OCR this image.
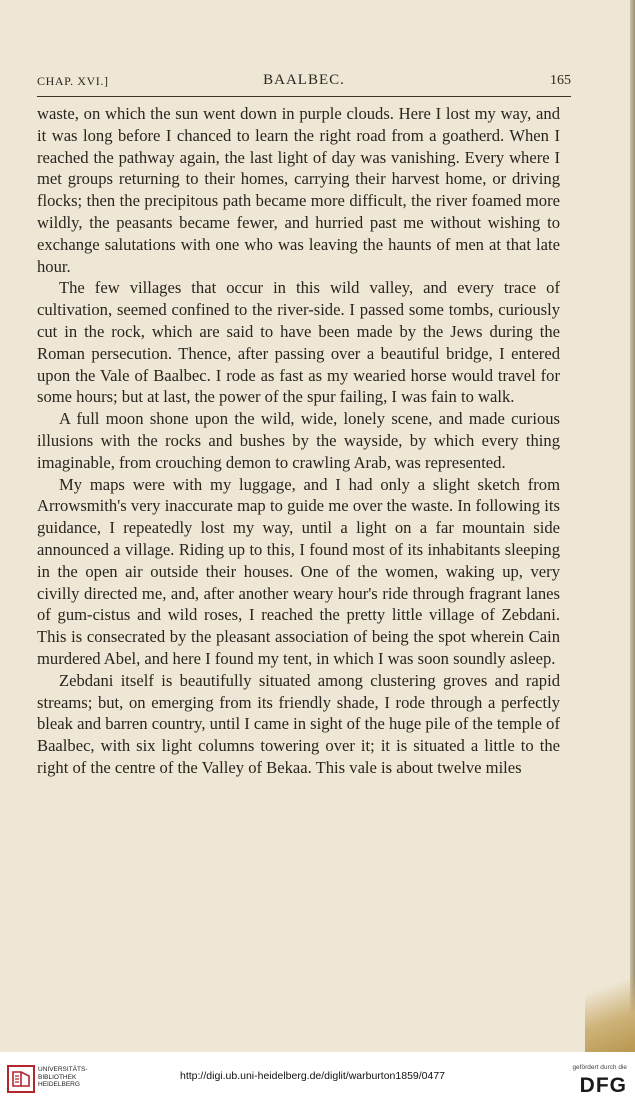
CHAP. XVI.]	BAALBEC.	165

waste, on which the sun went down in purple clouds. Here I lost my way, and it was long before I chanced to learn the right road from a goatherd. When I reached the pathway again, the last light of day was vanishing. Every where I met groups returning to their homes, carrying their harvest home, or driving flocks; then the precipitous path became more difficult, the river foamed more wildly, the peasants became fewer, and hurried past me without wishing to exchange salutations with one who was leaving the haunts of men at that late hour.

The few villages that occur in this wild valley, and every trace of cultivation, seemed confined to the river-side. I passed some tombs, curiously cut in the rock, which are said to have been made by the Jews during the Roman persecution. Thence, after passing over a beautiful bridge, I entered upon the Vale of Baalbec. I rode as fast as my wearied horse would travel for some hours; but at last, the power of the spur failing, I was fain to walk.

A full moon shone upon the wild, wide, lonely scene, and made curious illusions with the rocks and bushes by the wayside, by which every thing imaginable, from crouching demon to crawling Arab, was represented.

My maps were with my luggage, and I had only a slight sketch from Arrowsmith's very inaccurate map to guide me over the waste. In following its guidance, I repeatedly lost my way, until a light on a far mountain side announced a village. Riding up to this, I found most of its inhabitants sleeping in the open air outside their houses. One of the women, waking up, very civilly directed me, and, after another weary hour's ride through fragrant lanes of gum-cistus and wild roses, I reached the pretty little village of Zebdani. This is consecrated by the pleasant association of being the spot wherein Cain murdered Abel, and here I found my tent, in which I was soon soundly asleep.

Zebdani itself is beautifully situated among clustering groves and rapid streams; but, on emerging from its friendly shade, I rode through a perfectly bleak and barren country, until I came in sight of the huge pile of the temple of Baalbec, with six light columns towering over it; it is situated a little to the right of the centre of the Valley of Bekaa. This vale is about twelve miles

UNIVERSITÄTS-
BIBLIOTHEK
HEIDELBERG
http://digi.ub.uni-heidelberg.de/diglit/warburton1859/0477
gefördert durch die
DFG
